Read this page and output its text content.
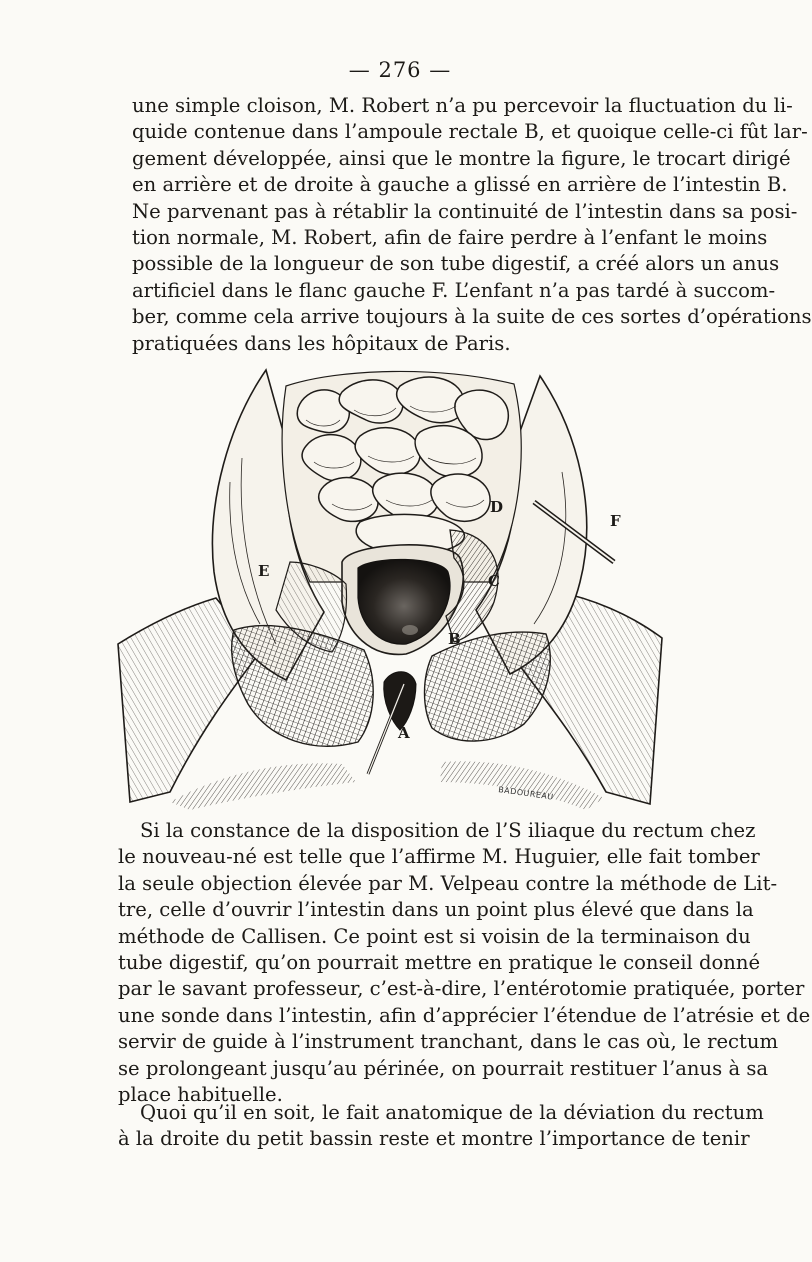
— 276 —
une simple cloison, M. Robert n’a pu percevoir la fluctuation du li-
quide contenue dans l’ampoule rectale B, et quoique celle-ci fût lar-
gement développée, ainsi que le montre la figure, le trocart dirigé
en arrière et de droite à gauche a glissé en arrière de l’intestin B.
Ne parvenant pas à rétablir la continuité de l’intestin dans sa posi-
tion normale, M. Robert, afin de faire perdre à l’enfant le moins
possible de la longueur de son tube digestif, a créé alors un anus
artificiel dans le flanc gauche F. L’enfant n’a pas tardé à succom-
ber, comme cela arrive toujours à la suite de ces sortes d’opérations
pratiquées dans les hôpitaux de Paris.
D
F
E
C
B
A
BADOUREAU
Si la constance de la disposition de l’S iliaque du rectum chez
le nouveau-né est telle que l’affirme M. Huguier, elle fait tomber
la seule objection élevée par M. Velpeau contre la méthode de Lit-
tre, celle d’ouvrir l’intestin dans un point plus élevé que dans la
méthode de Callisen. Ce point est si voisin de la terminaison du
tube digestif, qu’on pourrait mettre en pratique le conseil donné
par le savant professeur, c’est-à-dire, l’entérotomie pratiquée, porter
une sonde dans l’intestin, afin d’apprécier l’étendue de l’atrésie et de
servir de guide à l’instrument tranchant, dans le cas où, le rectum
se prolongeant jusqu’au périnée, on pourrait restituer l’anus à sa
place habituelle.
Quoi qu’il en soit, le fait anatomique de la déviation du rectum
à la droite du petit bassin reste et montre l’importance de tenir
